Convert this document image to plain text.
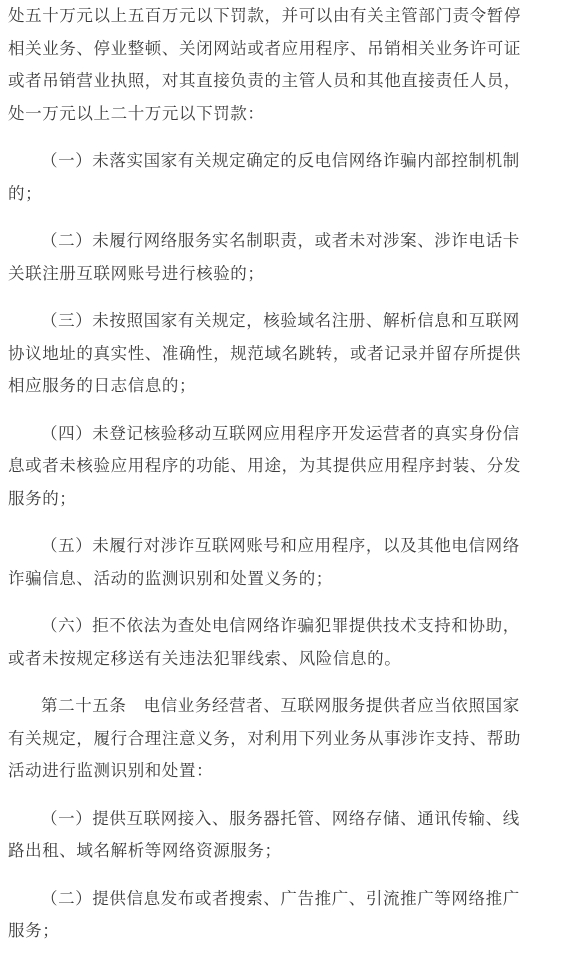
处五十万元以上五百万元以下罚款，并可以由有关主管部门责令暂停
相关业务、停业整顿、关闭网站或者应用程序、吊销相关业务许可证
或者吊销营业执照，对其直接负责的主管人员和其他直接责任人员，
处一万元以上二十万元以下罚款：
（一）未落实国家有关规定确定的反电信网络诈骗内部控制机制
的；
（二）未履行网络服务实名制职责，或者未对涉案、涉诈电话卡
关联注册互联网账号进行核验的；
（三）未按照国家有关规定，核验域名注册、解析信息和互联网
协议地址的真实性、准确性，规范域名跳转，或者记录并留存所提供
相应服务的日志信息的；
（四）未登记核验移动互联网应用程序开发运营者的真实身份信
息或者未核验应用程序的功能、用途，为其提供应用程序封装、分发
服务的；
（五）未履行对涉诈互联网账号和应用程序，以及其他电信网络
诈骗信息、活动的监测识别和处置义务的；
（六）拒不依法为查处电信网络诈骗犯罪提供技术支持和协助，
或者未按规定移送有关违法犯罪线索、风险信息的。
第二十五条　电信业务经营者、互联网服务提供者应当依照国家
有关规定，履行合理注意义务，对利用下列业务从事涉诈支持、帮助
活动进行监测识别和处置：
（一）提供互联网接入、服务器托管、网络存储、通讯传输、线
路出租、域名解析等网络资源服务；
（二）提供信息发布或者搜索、广告推广、引流推广等网络推广
服务；
